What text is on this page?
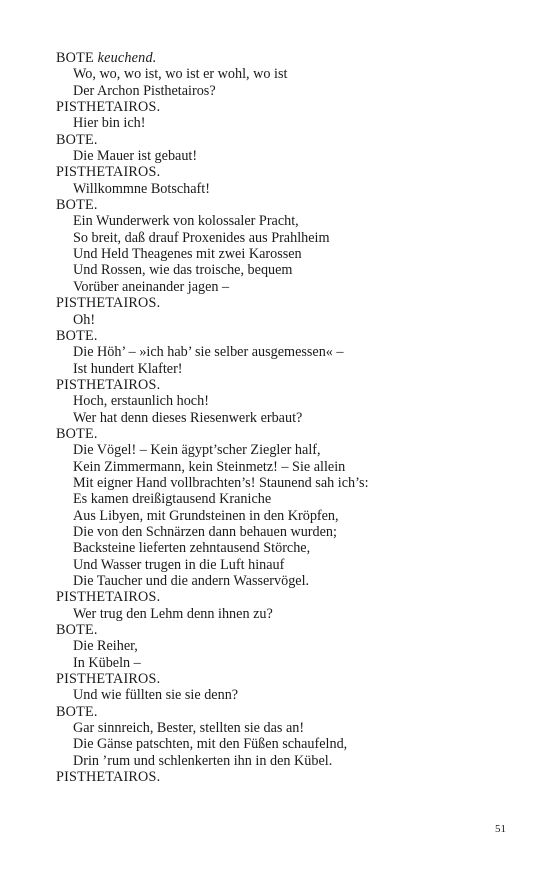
BOTE keuchend.
Wo, wo, wo ist, wo ist er wohl, wo ist
Der Archon Pisthetairos?
PISTHETAIROS.
Hier bin ich!
BOTE.
Die Mauer ist gebaut!
PISTHETAIROS.
Willkommne Botschaft!
BOTE.
Ein Wunderwerk von kolossaler Pracht,
So breit, daß drauf Proxenides aus Prahlheim
Und Held Theagenes mit zwei Karossen
Und Rossen, wie das troische, bequem
Vorüber aneinander jagen –
PISTHETAIROS.
Oh!
BOTE.
Die Höh’ – »ich hab’ sie selber ausgemessen« –
Ist hundert Klafter!
PISTHETAIROS.
Hoch, erstaunlich hoch!
Wer hat denn dieses Riesenwerk erbaut?
BOTE.
Die Vögel! – Kein ägypt’scher Ziegler half,
Kein Zimmermann, kein Steinmetz! – Sie allein
Mit eigner Hand vollbrachten’s! Staunend sah ich’s:
Es kamen dreißigtausend Kraniche
Aus Libyen, mit Grundsteinen in den Kröpfen,
Die von den Schnärzen dann behauen wurden;
Backsteine lieferten zehntausend Störche,
Und Wasser trugen in die Luft hinauf
Die Taucher und die andern Wasservögel.
PISTHETAIROS.
Wer trug den Lehm denn ihnen zu?
BOTE.
Die Reiher,
In Kübeln –
PISTHETAIROS.
Und wie füllten sie sie denn?
BOTE.
Gar sinnreich, Bester, stellten sie das an!
Die Gänse patschten, mit den Füßen schaufelnd,
Drin ’rum und schlenkerten ihn in den Kübel.
PISTHETAIROS.
51
